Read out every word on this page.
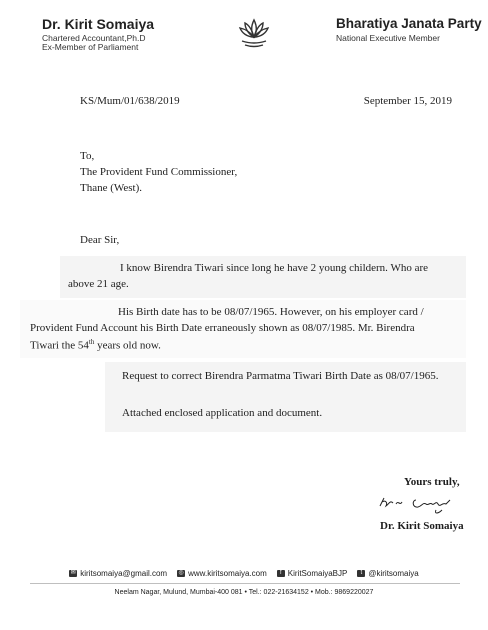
Dr. Kirit Somaiya
Chartered Accountant,Ph.D
Ex-Member of Parliament
Bharatiya Janata Party
National Executive Member
KS/Mum/01/638/2019	September 15, 2019
To,
The Provident Fund Commissioner,
Thane (West).
Dear Sir,
I know Birendra Tiwari since long he have 2 young childern. Who are
above 21 age.
His Birth date has to be 08/07/1965. However, on his employer card /
Provident Fund Account his Birth Date erraneously shown as 08/07/1985. Mr. Birendra
Tiwari the 54th years old now.
Request to correct Birendra Parmatma Tiwari Birth Date as 08/07/1965.
Attached enclosed application and document.
Yours truly,
Dr. Kirit Somaiya
✉ kiritsomaiya@gmail.com ◎ www.kiritsomaiya.com	f KiritSomaiyaBJP	t @kiritsomaiya
Neelam Nagar, Mulund, Mumbai-400 081 • Tel.: 022-21634152 • Mob.: 9869220027
